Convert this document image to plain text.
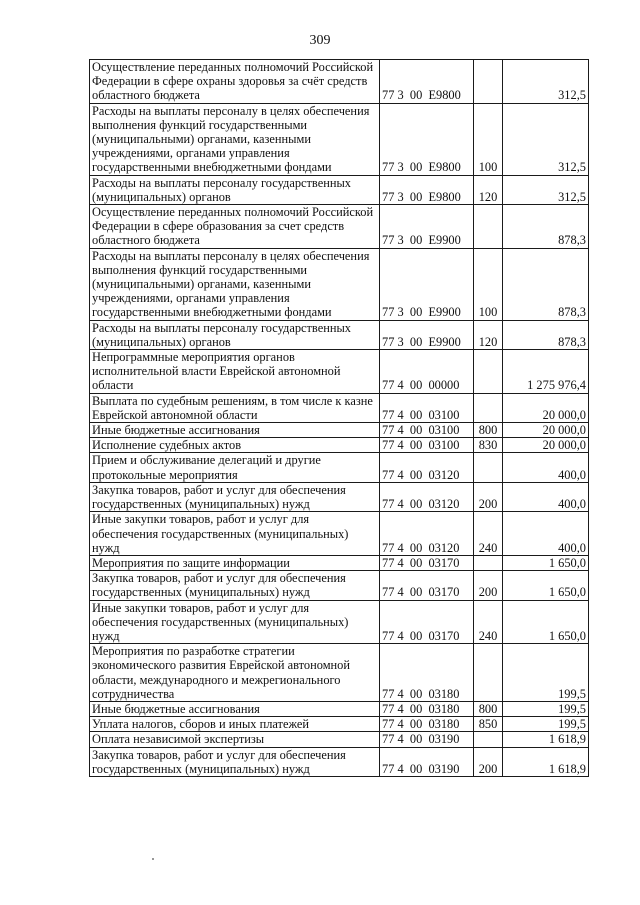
309
Осуществление переданных полномочий Российской Федерации в сфере охраны здоровья за счёт средств областного бюджета	77 3  00  E9800		312,5
Расходы на выплаты персоналу в целях обеспечения выполнения функций государственными (муниципальными) органами, казенными учреждениями, органами управления государственными внебюджетными фондами	77 3  00  E9800	100	312,5
Расходы на выплаты персоналу государственных (муниципальных) органов	77 3  00  E9800	120	312,5
Осуществление переданных полномочий Российской Федерации в сфере образования за счет средств областного бюджета	77 3  00  E9900		878,3
Расходы на выплаты персоналу в целях обеспечения выполнения функций государственными (муниципальными) органами, казенными учреждениями, органами управления государственными внебюджетными фондами	77 3  00  E9900	100	878,3
Расходы на выплаты персоналу государственных (муниципальных) органов	77 3  00  E9900	120	878,3
Непрограммные мероприятия органов исполнительной власти Еврейской автономной области	77 4  00  00000		1 275 976,4
Выплата по судебным решениям, в том числе к казне Еврейской автономной области	77 4  00  03100		20 000,0
Иные бюджетные ассигнования	77 4  00  03100	800	20 000,0
Исполнение судебных актов	77 4  00  03100	830	20 000,0
Прием и обслуживание делегаций и другие протокольные мероприятия	77 4  00  03120		400,0
Закупка товаров, работ и услуг для обеспечения государственных (муниципальных) нужд	77 4  00  03120	200	400,0
Иные закупки товаров, работ и услуг для обеспечения государственных (муниципальных) нужд	77 4  00  03120	240	400,0
Мероприятия по защите информации	77 4  00  03170		1 650,0
Закупка товаров, работ и услуг для обеспечения государственных (муниципальных) нужд	77 4  00  03170	200	1 650,0
Иные закупки товаров, работ и услуг для обеспечения государственных (муниципальных) нужд	77 4  00  03170	240	1 650,0
Мероприятия по разработке стратегии экономического развития Еврейской автономной области, международного и межрегионального сотрудничества	77 4  00  03180		199,5
Иные бюджетные ассигнования	77 4  00  03180	800	199,5
Уплата налогов, сборов и иных платежей	77 4  00  03180	850	199,5
Оплата независимой экспертизы	77 4  00  03190		1 618,9
Закупка товаров, работ и услуг для обеспечения государственных (муниципальных) нужд	77 4  00  03190	200	1 618,9
